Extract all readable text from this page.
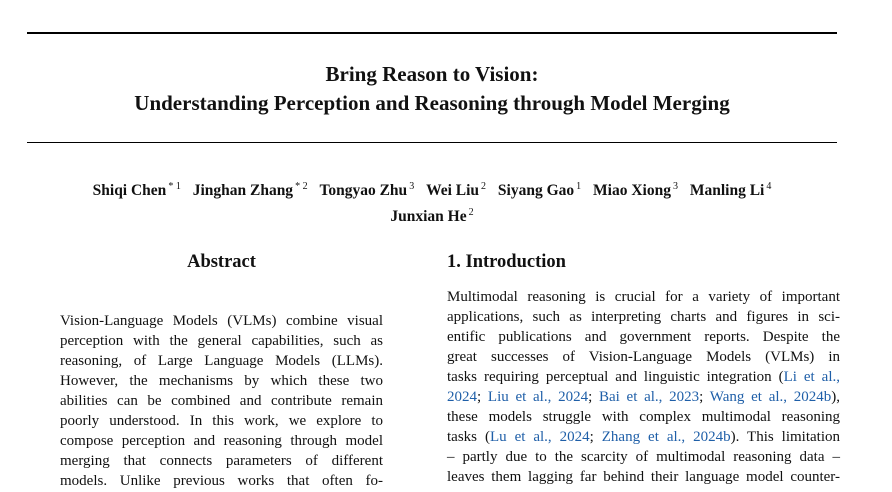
Bring Reason to Vision:
Understanding Perception and Reasoning through Model Merging
Shiqi Chen $^{* 1}$ Jinghan Zhang $^{* 2}$ Tongyao Zhu $^3$ Wei Liu $^2$ Siyang Gao $^1$ Miao Xiong $^3$ Manling Li $^4$
Junxian He $^2$
Abstract
Vision-Language Models (VLMs) combine visual
perception with the general capabilities, such as
reasoning, of Large Language Models (LLMs).
However, the mechanisms by which these two
abilities can be combined and contribute remain
poorly understood. In this work, we explore to
compose perception and reasoning through model
merging that connects parameters of different
models. Unlike previous works that often fo-
1. Introduction
Multimodal reasoning is crucial for a variety of important
applications, such as interpreting charts and figures in sci-
entific publications and government reports. Despite the
great successes of Vision-Language Models (VLMs) in
tasks requiring perceptual and linguistic integration (Li et al.,
2024; Liu et al., 2024; Bai et al., 2023; Wang et al., 2024b),
these models struggle with complex multimodal reasoning
tasks (Lu et al., 2024; Zhang et al., 2024b). This limitation
– partly due to the scarcity of multimodal reasoning data –
leaves them lagging far behind their language model counter-
